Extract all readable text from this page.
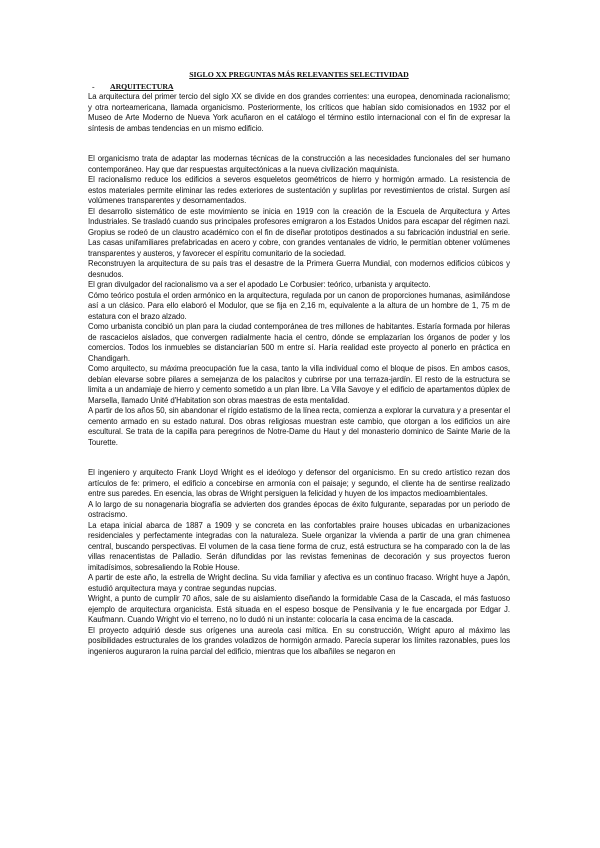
SIGLO XX PREGUNTAS MÁS RELEVANTES SELECTIVIDAD
- ARQUITECTURA

La arquitectura del primer tercio del siglo XX se divide en dos grandes corrientes: una europea, denominada racionalismo; y otra norteamericana, llamada organicismo. Posteriormente, los críticos que habían sido comisionados en 1932 por el Museo de Arte Moderno de Nueva York acuñaron en el catálogo el término estilo internacional con el fin de expresar la síntesis de ambas tendencias en un mismo edificio.

El organicismo trata de adaptar las modernas técnicas de la construcción a las necesidades funcionales del ser humano contemporáneo. Hay que dar respuestas arquitectónicas a la nueva civilización maquinista.

El racionalismo reduce los edificios a severos esqueletos geométricos de hierro y hormigón armado. La resistencia de estos materiales permite eliminar las redes exteriores de sustentación y suplirlas por revestimientos de cristal. Surgen así volúmenes transparentes y desornamentados.

El desarrollo sistemático de este movimiento se inicia en 1919 con la creación de la Escuela de Arquitectura y Artes Industriales. Se trasladó cuando sus principales profesores emigraron a los Estados Unidos para escapar del régimen nazi. Gropius se rodeó de un claustro académico con el fin de diseñar prototipos destinados a su fabricación industrial en serie. Las casas unifamiliares prefabricadas en acero y cobre, con grandes ventanales de vidrio, le permitían obtener volúmenes transparentes y austeros, y favorecer el espíritu comunitario de la sociedad.

Reconstruyen la arquitectura de su país tras el desastre de la Primera Guerra Mundial, con modernos edificios cúbicos y desnudos.

El gran divulgador del racionalismo va a ser el apodado Le Corbusier: teórico, urbanista y arquitecto.

Cómo teórico postula el orden armónico en la arquitectura, regulada por un canon de proporciones humanas, asimilándose así a un clásico. Para ello elaboró el Modulor, que se fija en 2,16 m, equivalente a la altura de un hombre de 1, 75 m de estatura con el brazo alzado.

Como urbanista concibió un plan para la ciudad contemporánea de tres millones de habitantes. Estaría formada por hileras de rascacielos aislados, que convergen radialmente hacia el centro, dónde se emplazarían los órganos de poder y los comercios. Todos los inmuebles se distanciarían 500 m entre sí. Haría realidad este proyecto al ponerlo en práctica en Chandigarh.

Como arquitecto, su máxima preocupación fue la casa, tanto la villa individual como el bloque de pisos. En ambos casos, debían elevarse sobre pilares a semejanza de los palacitos y cubrirse por una terraza-jardín. El resto de la estructura se limita a un andamiaje de hierro y cemento sometido a un plan libre. La Villa Savoye y el edificio de apartamentos dúplex de Marsella, llamado Unité d'Habitation son obras maestras de esta mentalidad.

A partir de los años 50, sin abandonar el rígido estatismo de la línea recta, comienza a explorar la curvatura y a presentar el cemento armado en su estado natural. Dos obras religiosas muestran este cambio, que otorgan a los edificios un aire escultural. Se trata de la capilla para peregrinos de Notre-Dame du Haut y del monasterio dominico de Sainte Marie de la Tourette.

El ingeniero y arquitecto Frank Lloyd Wright es el ideólogo y defensor del organicismo. En su credo artístico rezan dos artículos de fe: primero, el edificio a concebirse en armonía con el paisaje; y segundo, el cliente ha de sentirse realizado entre sus paredes. En esencia, las obras de Wright persiguen la felicidad y huyen de los impactos medioambientales.

A lo largo de su nonagenaria biografía se advierten dos grandes épocas de éxito fulgurante, separadas por un periodo de ostracismo.

La etapa inicial abarca de 1887 a 1909 y se concreta en las confortables praire houses ubicadas en urbanizaciones residenciales y perfectamente integradas con la naturaleza. Suele organizar la vivienda a partir de una gran chimenea central, buscando perspectivas. El volumen de la casa tiene forma de cruz, está estructura se ha comparado con la de las villas renacentistas de Palladio. Serán difundidas por las revistas femeninas de decoración y sus proyectos fueron imitadísimos, sobresaliendo la Robie House.

A partir de este año, la estrella de Wright declina. Su vida familiar y afectiva es un continuo fracaso. Wright huye a Japón, estudió arquitectura maya y contrae segundas nupcias.

Wright, a punto de cumplir 70 años, sale de su aislamiento diseñando la formidable Casa de la Cascada, el más fastuoso ejemplo de arquitectura organicista. Está situada en el espeso bosque de Pensilvania y le fue encargada por Edgar J. Kaufmann. Cuando Wright vio el terreno, no lo dudó ni un instante: colocaría la casa encima de la cascada.

El proyecto adquirió desde sus orígenes una aureola casi mítica. En su construcción, Wright apuro al máximo las posibilidades estructurales de los grandes voladizos de hormigón armado. Parecía superar los límites razonables, pues los ingenieros auguraron la ruina parcial del edificio, mientras que los albañiles se negaron en
